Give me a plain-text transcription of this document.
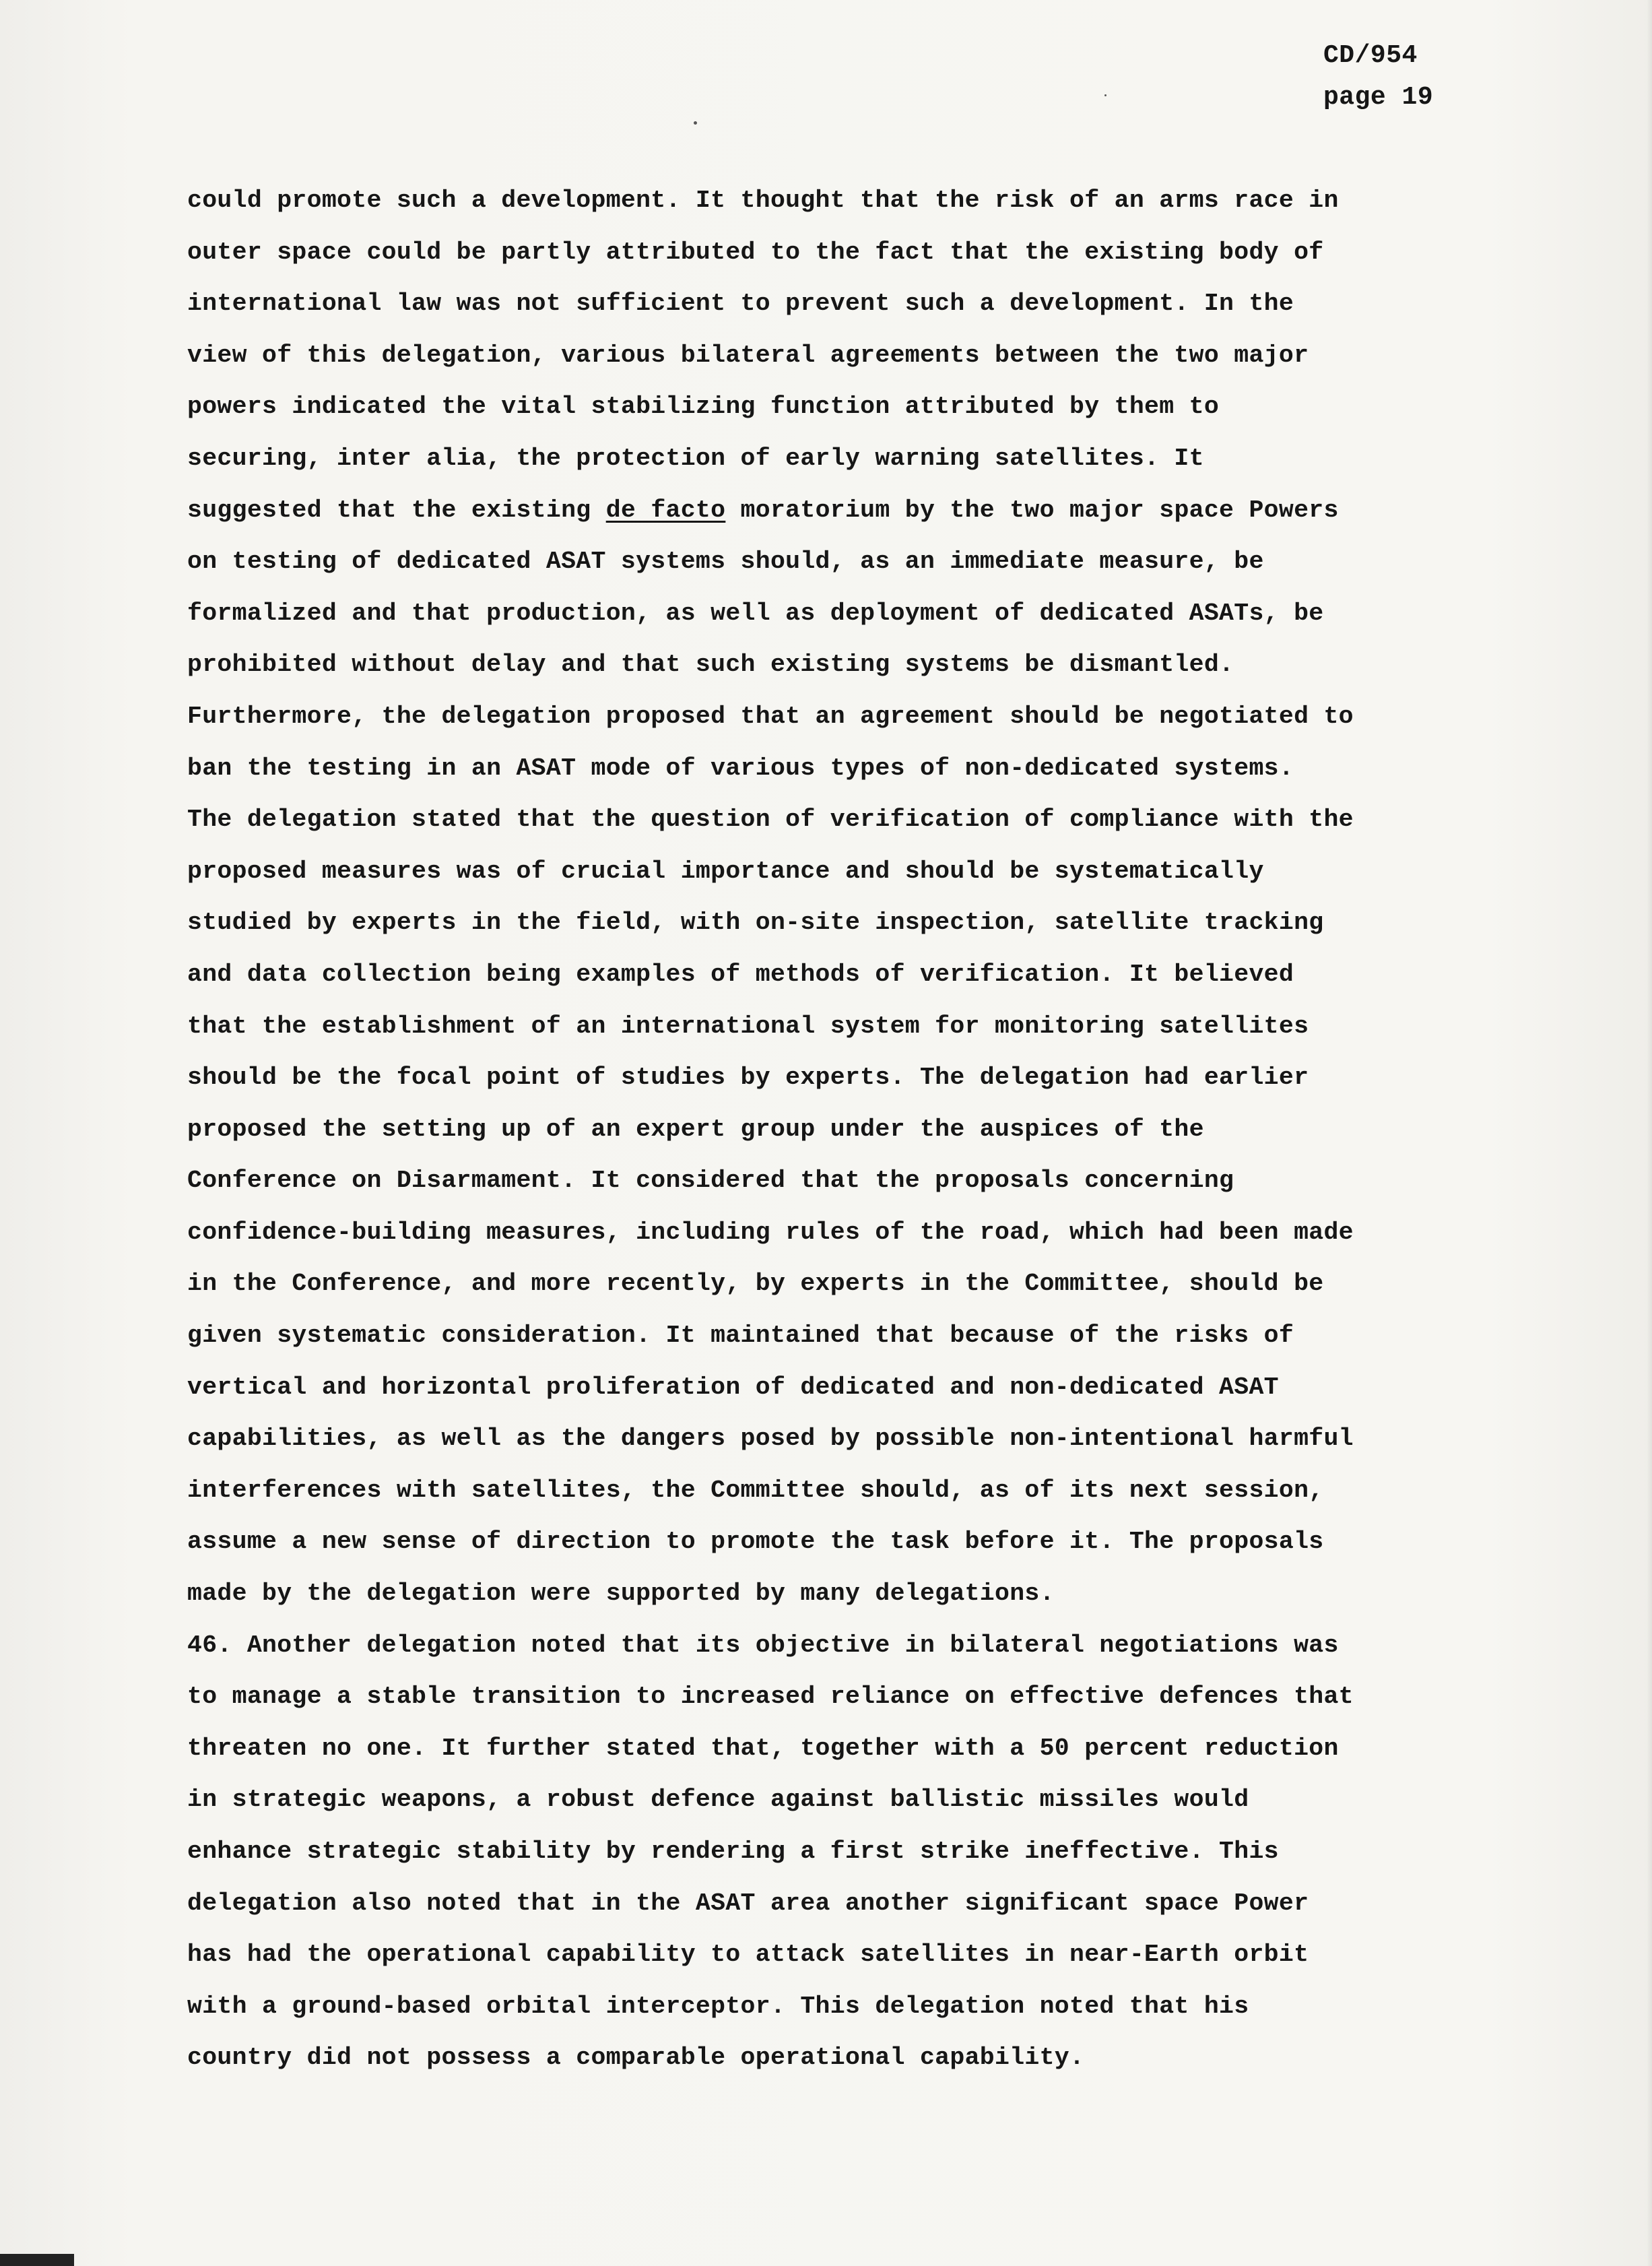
CD/954
page 19
could promote such a development. It thought that the risk of an arms race in
outer space could be partly attributed to the fact that the existing body of
international law was not sufficient to prevent such a development. In the
view of this delegation, various bilateral agreements between the two major
powers indicated the vital stabilizing function attributed by them to
securing, inter alia, the protection of early warning satellites. It
suggested that the existing de facto moratorium by the two major space Powers
on testing of dedicated ASAT systems should, as an immediate measure, be
formalized and that production, as well as deployment of dedicated ASATs, be
prohibited without delay and that such existing systems be dismantled.
Furthermore, the delegation proposed that an agreement should be negotiated to
ban the testing in an ASAT mode of various types of non-dedicated systems.
The delegation stated that the question of verification of compliance with the
proposed measures was of crucial importance and should be systematically
studied by experts in the field, with on-site inspection, satellite tracking
and data collection being examples of methods of verification. It believed
that the establishment of an international system for monitoring satellites
should be the focal point of studies by experts. The delegation had earlier
proposed the setting up of an expert group under the auspices of the
Conference on Disarmament. It considered that the proposals concerning
confidence-building measures, including rules of the road, which had been made
in the Conference, and more recently, by experts in the Committee, should be
given systematic consideration. It maintained that because of the risks of
vertical and horizontal proliferation of dedicated and non-dedicated ASAT
capabilities, as well as the dangers posed by possible non-intentional harmful
interferences with satellites, the Committee should, as of its next session,
assume a new sense of direction to promote the task before it. The proposals
made by the delegation were supported by many delegations.
46. Another delegation noted that its objective in bilateral negotiations was
to manage a stable transition to increased reliance on effective defences that
threaten no one. It further stated that, together with a 50 percent reduction
in strategic weapons, a robust defence against ballistic missiles would
enhance strategic stability by rendering a first strike ineffective. This
delegation also noted that in the ASAT area another significant space Power
has had the operational capability to attack satellites in near-Earth orbit
with a ground-based orbital interceptor. This delegation noted that his
country did not possess a comparable operational capability.
